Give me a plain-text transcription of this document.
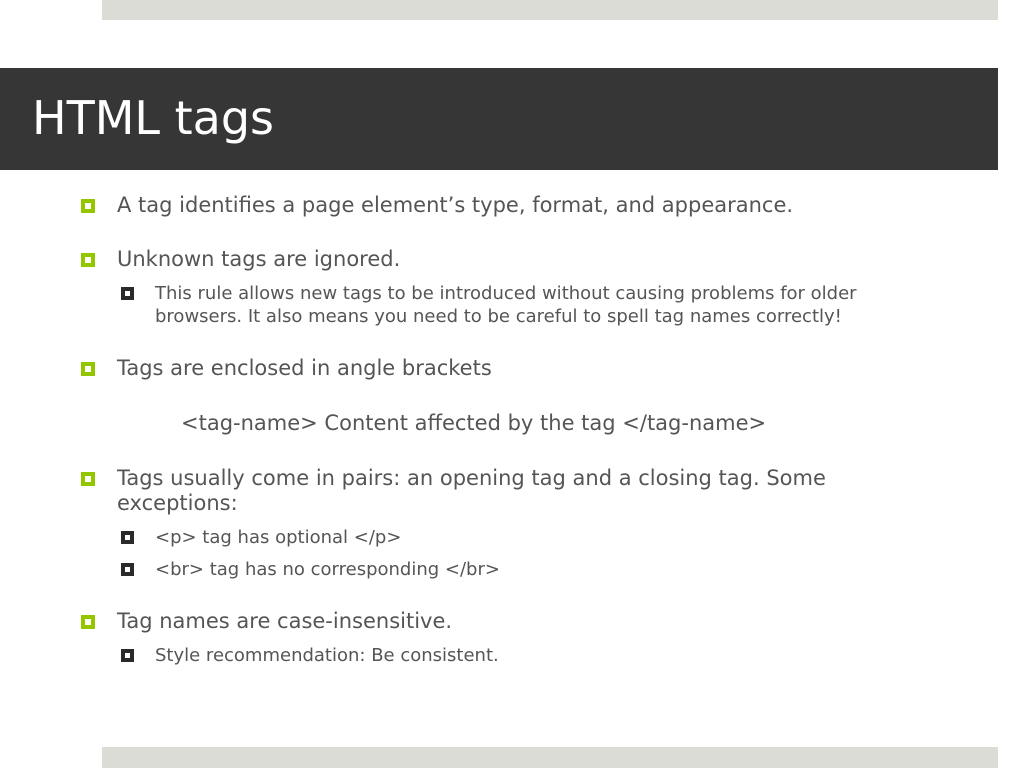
HTML tags
A tag identifies a page element’s type, format, and appearance.
Unknown tags are ignored.
This rule allows new tags to be introduced without causing problems for older
browsers. It also means you need to be careful to spell tag names correctly!
Tags are enclosed in angle brackets
<tag-name> Content affected by the tag </tag-name>
Tags usually come in pairs: an opening tag and a closing tag. Some
exceptions:
<p> tag has optional </p>
<br> tag has no corresponding </br>
Tag names are case-insensitive.
Style recommendation: Be consistent.
